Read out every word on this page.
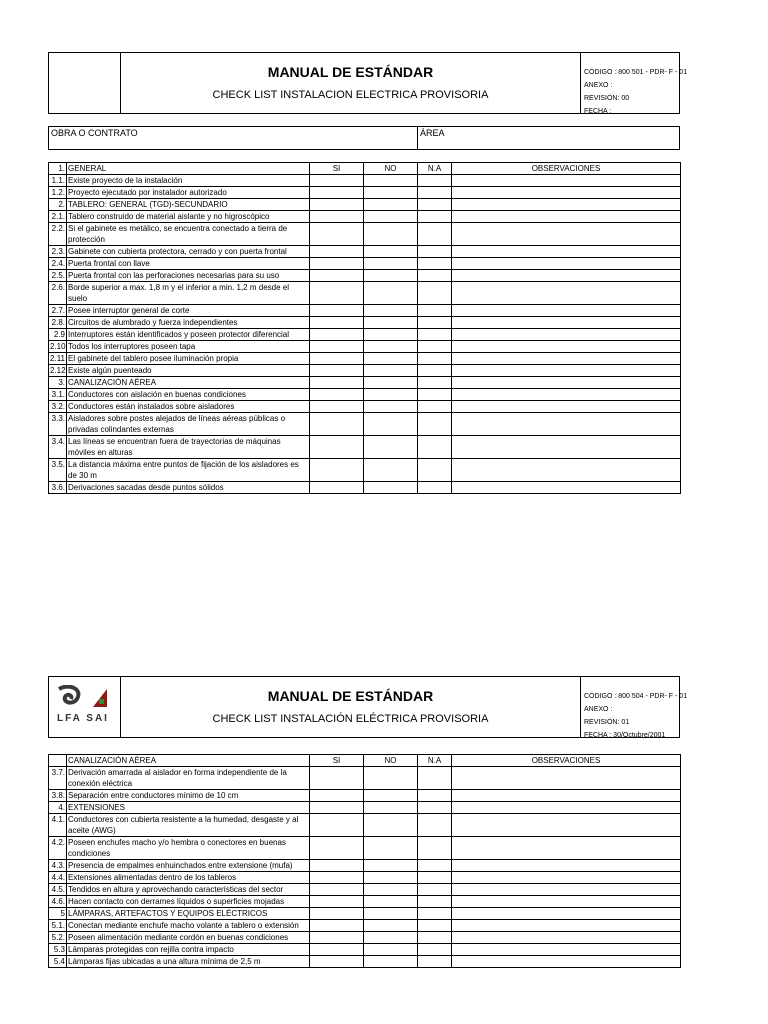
MANUAL DE ESTÁNDAR
CHECK LIST INSTALACION ELECTRICA PROVISORIA
CÓDIGO : 800 501 - PDR- F - 01
ANEXO :
REVISIÓN: 00
FECHA :
OBRA O CONTRATO	ÁREA
1.	GENERAL	SI	NO	N.A	OBSERVACIONES
1.1.	Existe proyecto de la instalación				
1.2.	Proyecto ejecutado por instalador autorizado				
2.	TABLERO: GENERAL (TGD)-SECUNDARIO				
2.1.	Tablero construido de material aislante y no higroscópico				
2.2.	Si el gabinete es metálico, se encuentra conectado a tierra de protección				
2.3.	Gabinete con cubierta protectora, cerrado y con puerta frontal				
2.4.	Puerta frontal con llave				
2.5.	Puerta frontal con las perforaciones necesarias para su uso				
2.6.	Borde superior a max. 1,8 m y el inferior a min. 1,2 m desde el suelo				
2.7.	Posee interruptor general de corte				
2.8.	Circuitos de alumbrado y fuerza independientes				
2.9	Interruptores están identificados y poseen protector diferencial				
2.10	Todos los interruptores poseen tapa				
2.11	El gabinete del tablero posee iluminación propia				
2.12	Existe algún puenteado				
3.	CANALIZACIÓN AÉREA				
3.1.	Conductores con aislación en buenas condiciones				
3.2.	Conductores están instalados sobre aisladores				
3.3.	Aisladores sobre postes alejados de líneas aéreas públicas o privadas colindantes externas				
3.4.	Las líneas se encuentran fuera de trayectorias de máquinas móviles en alturas				
3.5.	La distancia máxima entre puntos de fijación de los aisladores es de 30 m				
3.6.	Derivaciones sacadas desde puntos sólidos				
LFA SAI
MANUAL DE ESTÁNDAR
CHECK LIST INSTALACIÓN ELÉCTRICA PROVISORIA
CÓDIGO : 800 504 - PDR- F - 01
ANEXO :
REVISIÓN: 01
FECHA : 30/Octubre/2001
	CANALIZACIÓN AÉREA	SI	NO	N.A	OBSERVACIONES
3.7.	Derivación amarrada al aislador en forma independiente de la conexión eléctrica				
3.8.	Separación entre conductores mínimo de 10 cm				
4.	EXTENSIONES				
4.1.	Conductores con cubierta resistente a la humedad, desgaste y al aceite (AWG)				
4.2.	Poseen enchufes macho y/o hembra o conectores en buenas condiciones				
4.3.	Presencia de empalmes enhuinchados entre extensione (mufa)				
4.4.	Extensiones alimentadas dentro de los tableros				
4.5.	Tendidos en altura y aprovechando características del sector				
4.6.	Hacen contacto con derrames líquidos o superficies mojadas				
5	LÁMPARAS, ARTEFACTOS Y EQUIPOS ELÉCTRICOS				
5.1.	Conectan mediante enchufe macho volante a tablero o extensión				
5.2.	Poseen alimentación mediante cordón en buenas condiciones				
5.3	Lámparas protegidas con rejilla contra impacto				
5.4	Lámparas fijas ubicadas a una altura mínima de 2,5 m				
